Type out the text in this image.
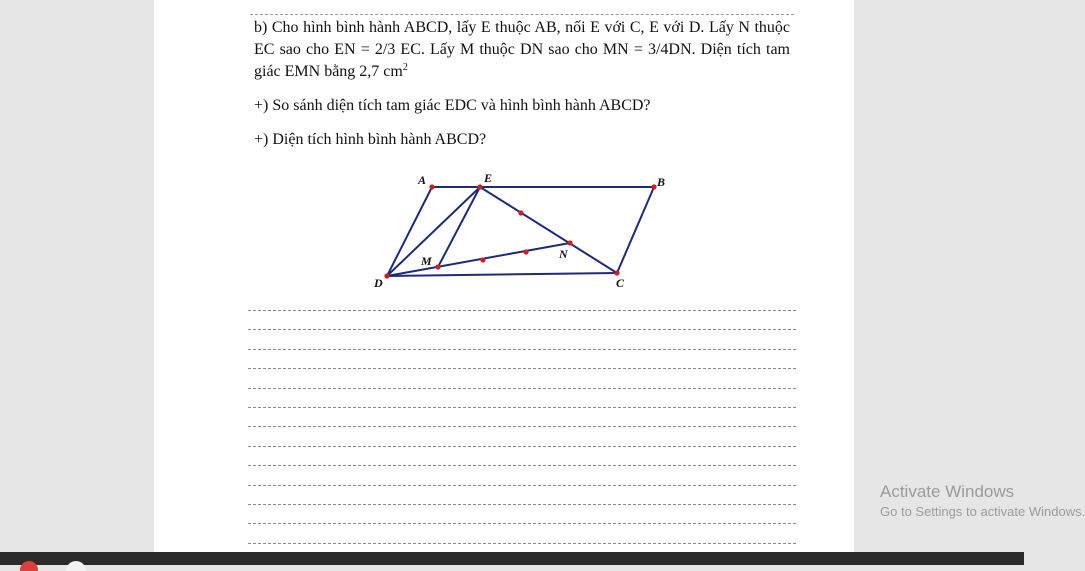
b) Cho hình bình hành ABCD, lấy E thuộc AB, nối E với C, E với D. Lấy N thuộc EC sao cho EN = 2/3 EC. Lấy M thuộc DN sao cho MN = 3/4DN. Diện tích tam giác EMN bằng 2,7 $cm^2$
+) So sánh diện tích tam giác EDC và hình bình hành ABCD?
+) Diện tích hình bình hành ABCD?
A	E	B
D	C
M	N
Activate Windows
Go to Settings to activate Windows.
